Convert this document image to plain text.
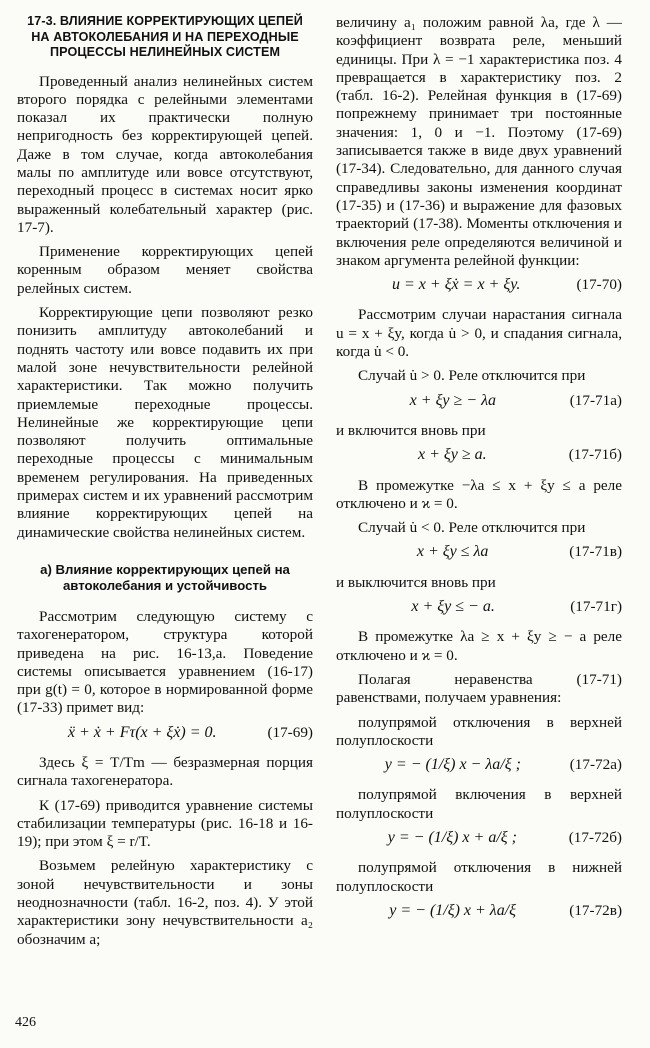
17-3. ВЛИЯНИЕ КОРРЕКТИРУЮЩИХ ЦЕПЕЙ НА АВТОКОЛЕБАНИЯ И НА ПЕРЕХОДНЫЕ ПРОЦЕССЫ НЕЛИНЕЙНЫХ СИСТЕМ

Проведенный анализ нелинейных систем второго порядка с релейными элементами показал их практически полную непригодность без корректирующей цепей. Даже в том случае, когда автоколебания малы по амплитуде или вовсе отсутствуют, переходный процесс в системах носит ярко выраженный колебательный характер (рис. 17-7).

Применение корректирующих цепей коренным образом меняет свойства релейных систем.

Корректирующие цепи позволяют резко понизить амплитуду автоколебаний и поднять частоту или вовсе подавить их при малой зоне нечувствительности релейной характеристики. Так можно получить приемлемые переходные процессы. Нелинейные же корректирующие цепи позволяют получить оптимальные переходные процессы с минимальным временем регулирования. На приведенных примерах систем и их уравнений рассмотрим влияние корректирующих цепей на динамические свойства нелинейных систем.

а) Влияние корректирующих цепей на автоколебания и устойчивость

Рассмотрим следующую систему с тахогенератором, структура которой приведена на рис. 16-13,а. Поведение системы описывается уравнением (16-17) при g(t) = 0, которое в нормированной форме (17-33) примет вид:

ẍ + ẋ + Fτ(x + ξẋ) = 0.	(17-69)

Здесь ξ = T/Tm — безразмерная порция сигнала тахогенератора.

К (17-69) приводится уравнение системы стабилизации температуры (рис. 16-18 и 16-19); при этом ξ = r/T.

Возьмем релейную характеристику с зоной нечувствительности и зоны неоднозначности (табл. 16-2, поз. 4). У этой характеристики зону нечувствительности a₂ обозначим a;

величину a₁ положим равной λa, где λ — коэффициент возврата реле, меньший единицы. При λ = −1 характеристика поз. 4 превращается в характеристику поз. 2 (табл. 16-2). Релейная функция в (17-69) попрежнему принимает три постоянные значения: 1, 0 и −1. Поэтому (17-69) записывается также в виде двух уравнений (17-34). Следовательно, для данного случая справедливы законы изменения координат (17-35) и (17-36) и выражение для фазовых траекторий (17-38). Моменты отключения и включения реле определяются величиной и знаком аргумента релейной функции:

u = x + ξẋ = x + ξy.	(17-70)

Рассмотрим случаи нарастания сигнала u = x + ξy, когда u̇ > 0, и спадания сигнала, когда u̇ < 0.

Случай u̇ > 0. Реле отключится при

x + ξy ≥ − λa	(17-71а)

и включится вновь при

x + ξy ≥ a.	(17-71б)

В промежутке −λa ≤ x + ξy ≤ a реле отключено и ϰ = 0.

Случай u̇ < 0. Реле отключится при

x + ξy ≤ λa	(17-71в)

и выключится вновь при

x + ξy ≤ − a.	(17-71г)

В промежутке λa ≥ x + ξy ≥ − a реле отключено и ϰ = 0.

Полагая неравенства (17-71) равенствами, получаем уравнения:

полупрямой отключения в верхней полуплоскости

y = − (1/ξ) x − λa/ξ ;	(17-72а)

полупрямой включения в верхней полуплоскости

y = − (1/ξ) x + a/ξ ;	(17-72б)

полупрямой отключения в нижней полуплоскости

y = − (1/ξ) x + λa/ξ	(17-72в)
426
